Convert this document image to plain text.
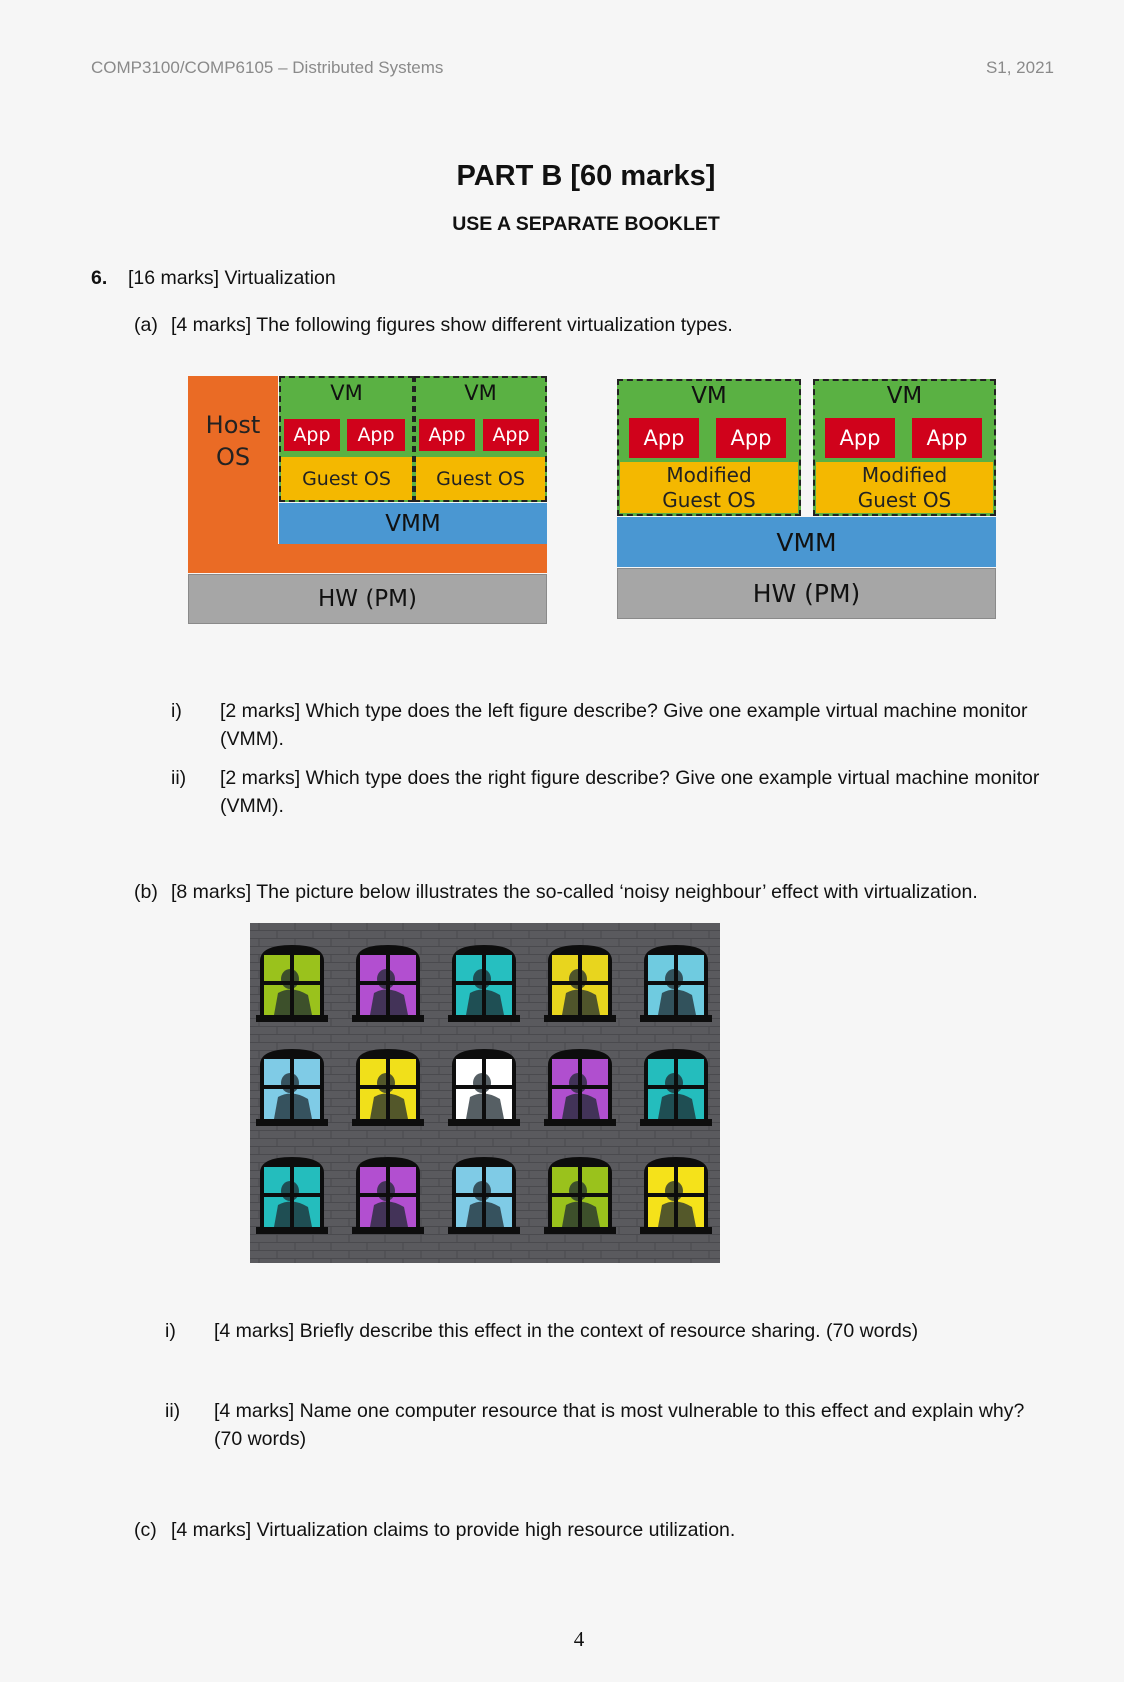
COMP3100/COMP6105 – Distributed Systems	S1, 2021
PART B [60 marks]
USE A SEPARATE BOOKLET
6. [16 marks] Virtualization
(a) [4 marks] The following figures show different virtualization types.
Host OS
VM
App	App
Guest OS
VM
App	App
Guest OS
VMM
HW (PM)
VM
App	App
Modified
Guest OS
VM
App	App
Modified
Guest OS
VMM
HW (PM)
i) [2 marks] Which type does the left figure describe? Give one example virtual machine monitor (VMM).
ii) [2 marks] Which type does the right figure describe? Give one example virtual machine monitor (VMM).
(b) [8 marks] The picture below illustrates the so-called ‘noisy neighbour’ effect with virtualization.
i) [4 marks] Briefly describe this effect in the context of resource sharing. (70 words)
ii) [4 marks] Name one computer resource that is most vulnerable to this effect and explain why? (70 words)
(c) [4 marks] Virtualization claims to provide high resource utilization.
4
